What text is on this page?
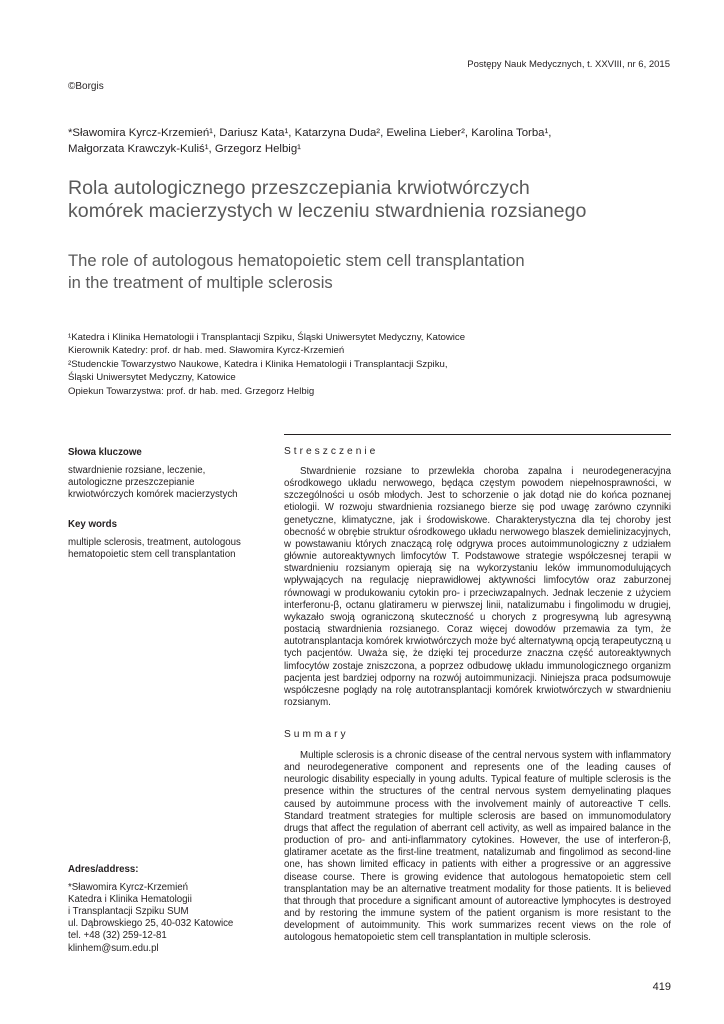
Postępy Nauk Medycznych, t. XXVIII, nr 6, 2015
©Borgis
*Sławomira Kyrcz-Krzemień¹, Dariusz Kata¹, Katarzyna Duda², Ewelina Lieber², Karolina Torba¹,
Małgorzata Krawczyk-Kuliś¹, Grzegorz Helbig¹
Rola autologicznego przeszczepiania krwiotwórczych
komórek macierzystych w leczeniu stwardnienia rozsianego
The role of autologous hematopoietic stem cell transplantation
in the treatment of multiple sclerosis
¹Katedra i Klinika Hematologii i Transplantacji Szpiku, Śląski Uniwersytet Medyczny, Katowice
Kierownik Katedry: prof. dr hab. med. Sławomira Kyrcz-Krzemień
²Studenckie Towarzystwo Naukowe, Katedra i Klinika Hematologii i Transplantacji Szpiku,
Śląski Uniwersytet Medyczny, Katowice
Opiekun Towarzystwa: prof. dr hab. med. Grzegorz Helbig
Słowa kluczowe
stwardnienie rozsiane, leczenie,
autologiczne przeszczepianie
krwiotwórczych komórek macierzystych
Key words
multiple sclerosis, treatment, autologous
hematopoietic stem cell transplantation
Streszczenie
Stwardnienie rozsiane to przewlekła choroba zapalna i neurodegeneracyjna ośrodkowego układu nerwowego, będąca częstym powodem niepełnosprawności, w szczególności u osób młodych. Jest to schorzenie o jak dotąd nie do końca poznanej etiologii. W rozwoju stwardnienia rozsianego bierze się pod uwagę zarówno czynniki genetyczne, klimatyczne, jak i środowiskowe. Charakterystyczna dla tej choroby jest obecność w obrębie struktur ośrodkowego układu nerwowego blaszek demielinizacyjnych, w powstawaniu których znaczącą rolę odgrywa proces autoimmunologiczny z udziałem głównie autoreaktywnych limfocytów T. Podstawowe strategie współczesnej terapii w stwardnieniu rozsianym opierają się na wykorzystaniu leków immunomodulujących wpływających na regulację nieprawidłowej aktywności limfocytów oraz zaburzonej równowagi w produkowaniu cytokin pro- i przeciwzapalnych. Jednak leczenie z użyciem interferonu-β, octanu glatirameru w pierwszej linii, natalizumabu i fingolimodu w drugiej, wykazało swoją ograniczoną skuteczność u chorych z progresywną lub agresywną postacią stwardnienia rozsianego. Coraz więcej dowodów przemawia za tym, że autotransplantacja komórek krwiotwórczych może być alternatywną opcją terapeutyczną u tych pacjentów. Uważa się, że dzięki tej procedurze znaczna część autoreaktywnych limfocytów zostaje zniszczona, a poprzez odbudowę układu immunologicznego organizm pacjenta jest bardziej odporny na rozwój autoimmunizacji. Niniejsza praca podsumowuje współczesne poglądy na rolę autotransplantacji komórek krwiotwórczych w stwardnieniu rozsianym.
Summary
Multiple sclerosis is a chronic disease of the central nervous system with inflammatory and neurodegenerative component and represents one of the leading causes of neurologic disability especially in young adults. Typical feature of multiple sclerosis is the presence within the structures of the central nervous system demyelinating plaques caused by autoimmune process with the involvement mainly of autoreactive T cells. Standard treatment strategies for multiple sclerosis are based on immunomodulatory drugs that affect the regulation of aberrant cell activity, as well as impaired balance in the production of pro- and anti-inflammatory cytokines. However, the use of interferon-β, glatiramer acetate as the first-line treatment, natalizumab and fingolimod as second-line one, has shown limited efficacy in patients with either a progressive or an aggressive disease course. There is growing evidence that autologous hematopoietic stem cell transplantation may be an alternative treatment modality for those patients. It is believed that through that procedure a significant amount of autoreactive lymphocytes is destroyed and by restoring the immune system of the patient organism is more resistant to the development of autoimmunity. This work summarizes recent views on the role of autologous hematopoietic stem cell transplantation in multiple sclerosis.
Adres/address:
*Sławomira Kyrcz-Krzemień
Katedra i Klinika Hematologii
i Transplantacji Szpiku SUM
ul. Dąbrowskiego 25, 40-032 Katowice
tel. +48 (32) 259-12-81
klinhem@sum.edu.pl
419
